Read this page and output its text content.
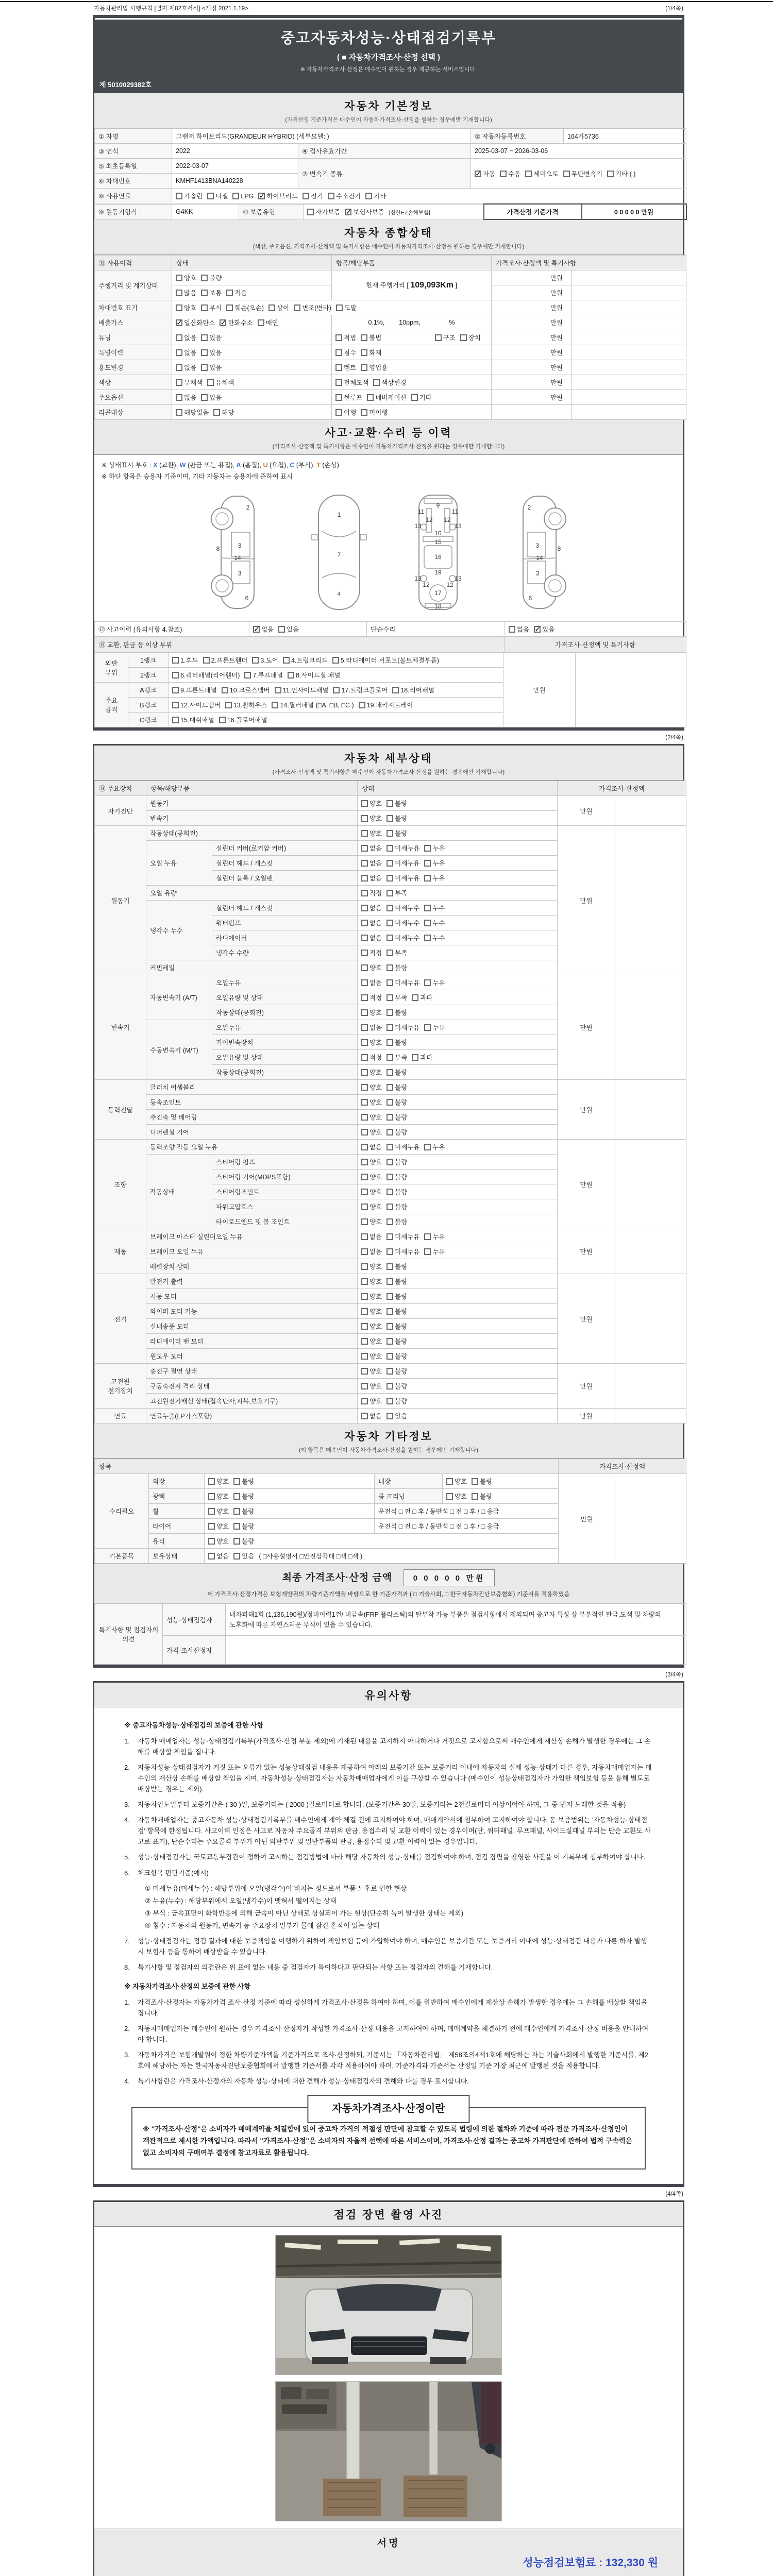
자동차관리법 시행규칙 [별지 제82호서식] <개정 2021.1.19>	(1/4쪽)
중고자동차성능·상태점검기록부
( ■ 자동차가격조사·산정 선택 )
※ 자동차가격조사·산정은 매수인이 원하는 경우 제공하는 서비스입니다.
제 5010029382호
자동차 기본정보
(가격산정 기준가격은 매수인이 자동차가격조사·산정을 원하는 경우에만 기재합니다)
① 차명	그랜저 하이브리드(GRANDEUR HYBRID) (세부모델: )		② 자동차등록번호	164가5736
③ 연식	2022	④ 검사유효기간	2025-03-07 ~ 2026-03-06	
⑤ 최초등록일	2022-03-07	⑦ 변속기 종류	✓자동 수동 세미오토 무단변속기 기타 ( )
⑥ 차대번호	KMHF1413BNA140228			
⑧ 사용연료	가솔린 디젤 LPG ✓ 하이브리드 전기 수소전기 기타
⑨ 원동기형식	G4KK	⑩ 보증유형	자가보증 ✓ 보험사보증 [신한EZ손해보험]	가격산정 기준가격	0 0 0 0 0 만원
자동차 종합상태
(색상, 주요옵션, 가격조사·산정액 및 특기사항은 매수인이 자동차가격조사·산정을 원하는 경우에만 기재합니다)
⑪ 사용이력	상태	항목/해당부품	가격조사·산정액 및 특기사항	
주행거리 및 계기상태	양호 불량	현재 주행거리 [ 109,093Km ]	만원	
	많음 보통 적음		만원	
차대번호 표기	양호 부식 훼손(오손) 상이 변조(변타) 도말		만원	
배출가스	✓일산화탄소 ✓ 탄화수소 매연	0.1%,        10ppm,                %	만원	
튜닝	없음 있음	적법 불법 구조 장치	만원	
특별이력	없음 있음	침수 화재	만원	
용도변경	없음 있음	렌트 영업용	만원	
색상	무채색 유채색	전체도색 색상변경	만원	
주요옵션	없음 있음	썬루프 네비게이션 기타	만원	
리콜대상	해당없음 해당	이행 미이행		
사고·교환·수리 등 이력
(가격조사·산정액 및 특기사항은 매수인이 자동차가격조사·산정을 원하는 경우에만 기재합니다)
※ 상태표시 부호 : X (교환), W (판금 또는 용접), A (흠집), U (요철), C (부식), T (손상)
※ 하단 항목은 승용차 기준이며, 기타 자동차는 승용차에 준하여 표시
2
8	3
14
3
6
1
7
4
9
11	11
13	13
12 12
10
15
16
19
13	13
12	12
17
18
2
3	8
14
3
6
⑫ 사고이력 (유의사항 4.참조)	✓없음 있음	단순수리	없음 ✓ 있음
⑬ 교환, 판금 등 이상 부위	가격조사·산정액 및 특기사항
외판 부위	1랭크	1.후드 2.프론트휀더 3.도어 4.트렁크리드 5.라디에이터 서포트(볼트체결부품)	만원	
	2랭크	6.쿼터패널(리어휀더) 7.루프패널 8.사이드실 패널		
주요 골격	A랭크	9.프론트패널 10.크로스멤버 11.인사이드패널 17.트렁크플로어 18.리어패널		
	B랭크	12.사이드멤버 13.휠하우스 14.필러패널 (□A, □B, □C ) 19.패키지트레이		
	C랭크	15.대쉬패널 16.플로어패널		
(2/4쪽)
자동차 세부상태
(가격조사·산정액 및 특기사항은 매수인이 자동차가격조사·산정을 원하는 경우에만 기재합니다)
⑭ 주요장치	항목/해당부품		상태	가격조사·산정액	
자기진단	원동기		양호 불량	만원	
	변속기		양호 불량		
원동기	작동상태(공회전)		양호 불량	만원	
	오일 누유	실린더 커버(로커암 커버)	없음 미세누유 누유		
		실린더 헤드 / 개스킷	없음 미세누유 누유		
		실린더 블록 / 오일팬	없음 미세누유 누유		
	오일 유량		적정 부족		
	냉각수 누수	실린더 헤드 / 개스킷	없음 미세누수 누수		
		워터펌프	없음 미세누수 누수		
		라디에이터	없음 미세누수 누수		
		냉각수 수량	적정 부족		
	커먼레일		양호 불량		
변속기	자동변속기 (A/T)	오일누유	없음 미세누유 누유	만원	
		오일유량 및 상태	적정 부족 과다		
		작동상태(공회전)	양호 불량		
	수동변속기 (M/T)	오일누유	없음 미세누유 누유		
		기어변속장치	양호 불량		
		오일유량 및 상태	적정 부족 과다		
		작동상태(공회전)	양호 불량		
동력전달	클러치 어셈블리		양호 불량	만원	
	등속조인트		양호 불량		
	추진축 및 베어링		양호 불량		
	디퍼렌셜 기어		양호 불량		
조향	동력조향 작동 오일 누유		없음 미세누유 누유	만원	
	작동상태	스티어링 펌프	양호 불량		
		스티어링 기어(MDPS포함)	양호 불량		
		스티어링조인트	양호 불량		
		파워고압호스	양호 불량		
		타이로드엔드 및 볼 조인트	양호 불량		
제동	브레이크 마스터 실린더오일 누유		없음 미세누유 누유	만원	
	브레이크 오일 누유		없음 미세누유 누유		
	배력장치 상태		양호 불량		
전기	발전기 출력		양호 불량	만원	
	시동 모터		양호 불량		
	와이퍼 모터 기능		양호 불량		
	실내송풍 모터		양호 불량		
	라디에이터 팬 모터		양호 불량		
	윈도우 모터		양호 불량		
고전원 전기장치	충전구 절연 상태		양호 불량	만원	
	구동축전지 격리 상태		양호 불량		
	고전원전기배선 상태(접속단자,피복,보호기구)		양호 불량		
연료	연료누출(LP가스포함)		없음 있음	만원	
자동차 기타정보
(이 항목은 매수인이 자동차가격조사·산정을 원하는 경우에만 기재합니다)
항목					가격조사·산정액	
수리필요	외장	양호 불량	내장	양호 불량	만원	
	광택	양호 불량	룸 크리닝	양호 불량		
	휠	양호 불량	운전석 □ 전 □ 후 / 동반석 □ 전 □ 후 / □ 응급			
	타이어	양호 불량	운전석 □ 전 □ 후 / 동반석 □ 전 □ 후 / □ 응급			
	유리	양호 불량				
기본품목	보유상태	없음 있음 ( □사용설명서 □안전삼각대 □잭 □잭 )				
최종 가격조사·산정 금액	0 0 0 0 0 만원
이 가격조사·산정가격은 보험개발원의 차량기준가액을 바탕으로 한 기준가격과 ( □ 기술사회, □ 한국자동차진단보증협회) 기준서를 적용하였음
특기사항 및 점검자의 의견	성능·상태점검자	내차피해1회 (1,136,190원)/정비이력1건/ 비금속(FRP 플라스틱)의 탈부착 가능 부품은 점검사항에서 제외되며 중고차 특성 상 부분적인 판금,도색 및 차량의 노후화에 따른 자연스러운 부식이 있을 수 있습니다.
	가격·조사산정자	
(3/4쪽)
유의사항
※ 중고자동차성능·상태점검의 보증에 관한 사항
1.	자동차 매매업자는 성능·상태점검기록부(가격조사·산정 부분 제외)에 기재된 내용을 고지하지 아니하거나 거짓으로 고지함으로써 매수인에게 재산상 손해가 발생한 경우에는 그 손해를 배상할 책임을 집니다.
2.	자동차성능·상태점검자가 거짓 또는 오류가 있는 성능상태점검 내용을 제공하여 아래의 보증기간 또는 보증거리 이내에 자동차의 실제 성능·상태가 다른 경우, 자동차매매업자는 매수인의 재산상 손해를 배상할 책임을 지며, 자동차성능·상태점검자는 자동차매매업자에게 이를 구상할 수 있습니다 (매수인이 성능상태점검자가 가입한 책임보험 등을 통해 별도로 배상받는 경우는 제외).
3.	자동차인도일부터 보증기간은 ( 30 )일, 보증거리는 ( 2000 )킬로미터로 합니다. (보증기간은 30일, 보증거리는 2천킬로미터 이상이어야 하며, 그 중 먼저 도래한 것을 적용)
4.	자동차매매업자는 중고자동차 성능·상태점검기록부를 매수인에게 계약 체결 전에 고지하여야 하며, 매매계약서에 첨부하여 고지하여야 합니다. 동 보증범위는 '자동차성능·상태점검' 항목에 한정됩니다. 사고이력 인정은 사고로 자동차 주요골격 부위의 판금, 용접수리 및 교환 이력이 있는 경우이며(단, 쿼터패널, 루프패널, 사이드실패널 부위는 단순 교환도 사고로 표기), 단순수리는 주요골격 부위가 아닌 외판부위 및 일반부품의 판금, 용접수리 및 교환 이력이 있는 경우입니다.
5.	성능·상태점검자는 국토교통부장관이 정하여 고시하는 점검방법에 따라 해당 자동차의 성능·상태를 점검하여야 하며, 점검 장면을 촬영한 사진을 이 기록부에 첨부하여야 합니다.
6.	체크항목 판단기준(예시)
① 미세누유(미세누수) : 해당부위에 오일(냉각수)이 비치는 정도로서 부품 노후로 인한 현상
② 누유(누수) : 해당부위에서 오일(냉각수)이 맺혀서 떨어지는 상태
③ 부식 : 금속표면이 화학반응에 의해 금속이 아닌 상태로 상실되어 가는 현상(단순히 녹이 발생한 상태는 제외)
④ 침수 : 자동차의 원동기, 변속기 등 주요장치 일부가 물에 잠긴 흔적이 있는 상태
7.	성능·상태점검자는 점검 결과에 대한 보증책임을 이행하기 위하여 책임보험 등에 가입하여야 하며, 매수인은 보증기간 또는 보증거리 이내에 성능·상태점검 내용과 다른 하자 발생 시 보험사 등을 통하여 배상받을 수 있습니다.
8.	특기사항 및 점검자의 의견란은 위 표에 없는 내용 중 점검자가 특이하다고 판단되는 사항 또는 점검자의 견해를 기재합니다.
※ 자동차가격조사·산정의 보증에 관한 사항
1.	가격조사·산정자는 자동차가격 조사·산정 기준에 따라 성실하게 가격조사·산정을 하여야 하며, 이를 위반하여 매수인에게 재산상 손해가 발생한 경우에는 그 손해를 배상할 책임을 집니다.
2.	자동차매매업자는 매수인이 원하는 경우 가격조사·산정자가 작성한 가격조사·산정 내용을 고지하여야 하며, 매매계약을 체결하기 전에 매수인에게 가격조사·산정 비용을 안내하여야 합니다.
3.	자동차가격은 보험개발원이 정한 차량기준가액을 기준가격으로 조사·산정하되, 기준서는 「자동차관리법」 제58조의4제1호에 해당하는 자는 기술사회에서 발행한 기준서를, 제2호에 해당하는 자는 한국자동차진단보증협회에서 발행한 기준서를 각각 적용하여야 하며, 기준가격과 기준서는 산정일 기준 가장 최근에 발행된 것을 적용합니다.
4.	특기사항란은 가격조사·산정자의 자동차 성능·상태에 대한 견해가 성능·상태점검자의 견해와 다를 경우 표시합니다.
자동차가격조사·산정이란
※ "가격조사·산정"은 소비자가 매매계약을 체결함에 있어 중고차 가격의 적절성 판단에 참고할 수 있도록 법령에 의한 절차와 기준에 따라 전문 가격조사·산정인이 객관적으로 제시한 가액입니다. 따라서 "가격조사·산정"은 소비자의 자율적 선택에 따른 서비스이며, 가격조사·산정 결과는 중고차 가격판단에 관하여 법적 구속력은 없고 소비자의 구매여부 결정에 참고자료로 활용됩니다.
(4/4쪽)
점검 장면 촬영 사진
서명
성능점검보험료 : 132,330 원
